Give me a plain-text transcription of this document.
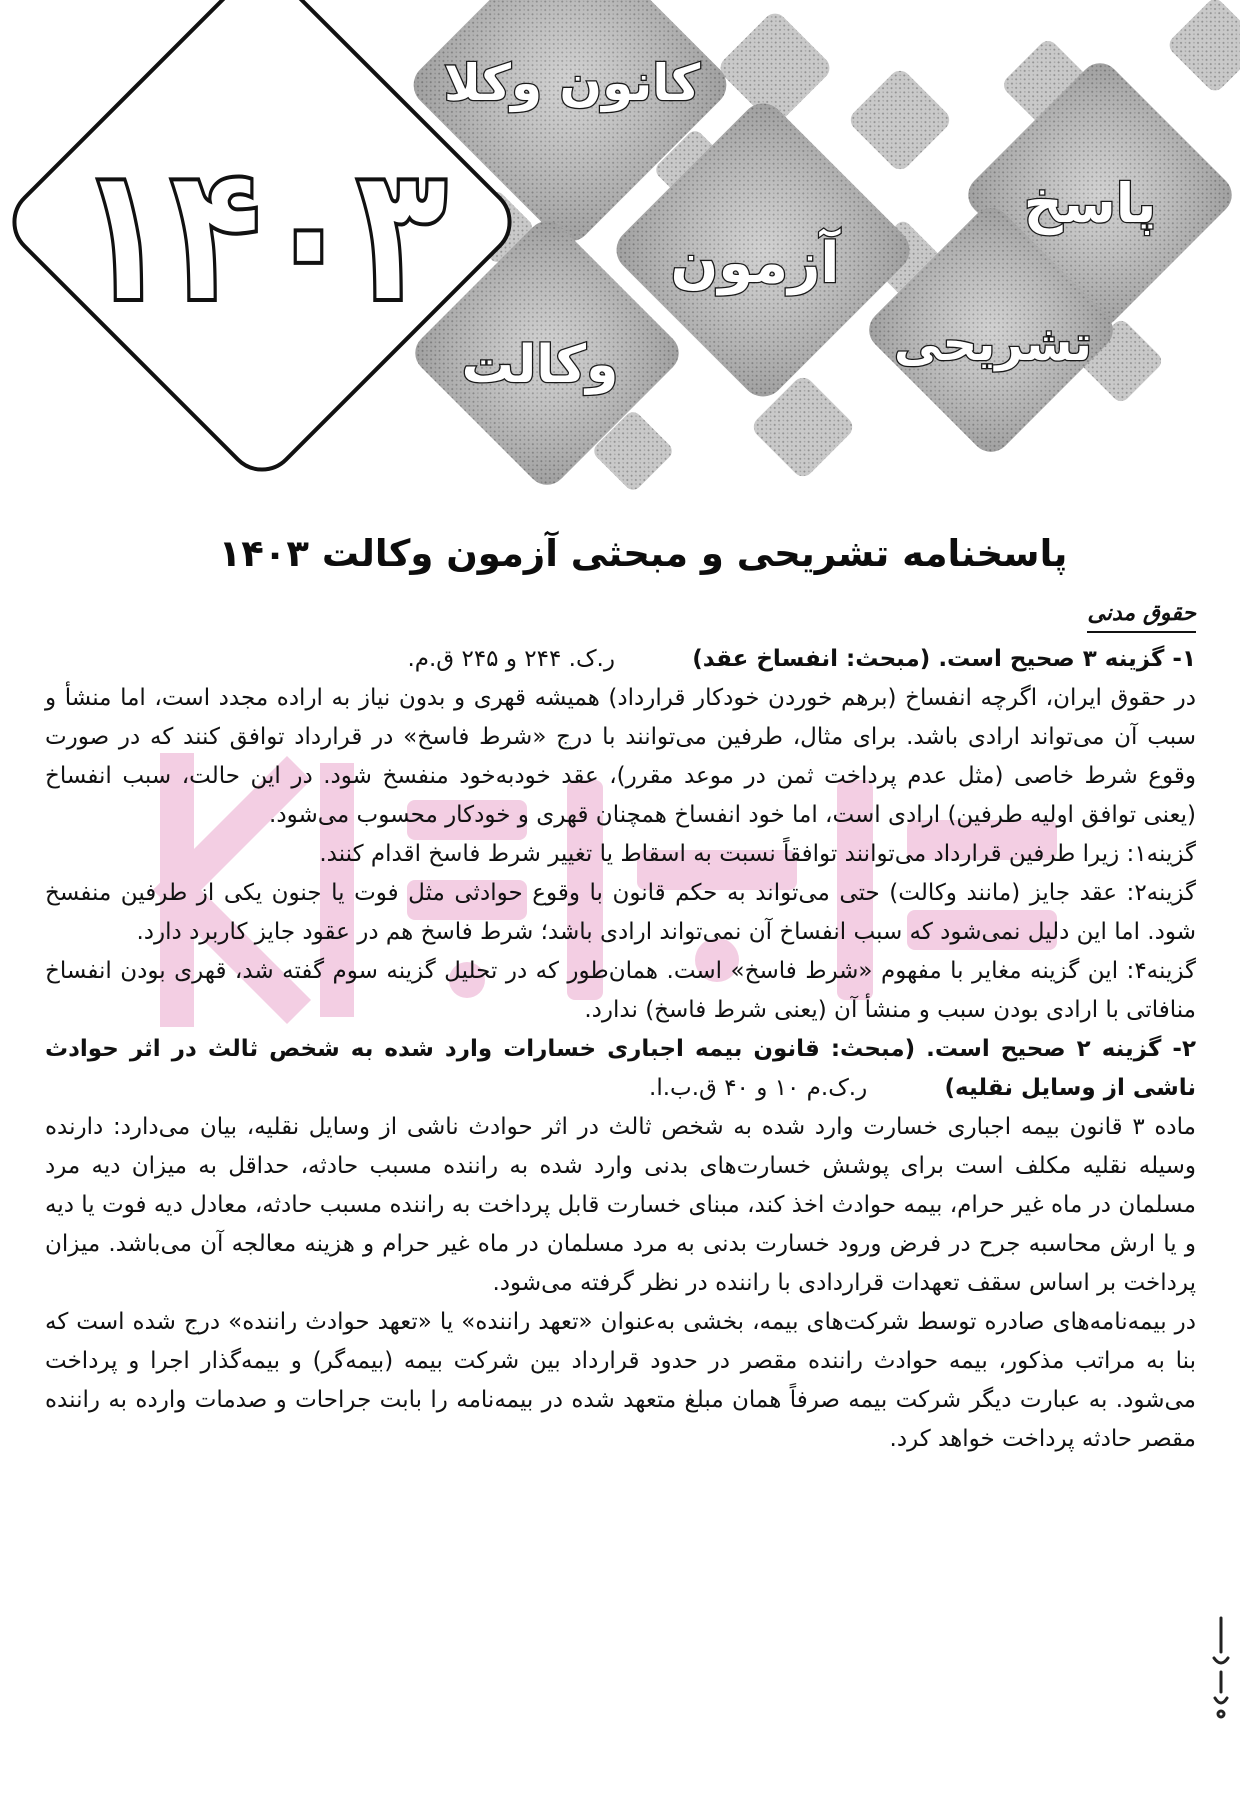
کانون وکلا
پاسخ
آزمون
تشریحی
وکالت
۱۴۰۳
پاسخنامه تشریحی و مبحثی آزمون وکالت ۱۴۰۳
حقوق مدنی

۱- گزینه ۳ صحیح است. (مبحث: انفساخ عقد) ر.ک. ۲۴۴ و ۲۴۵ ق.م.

در حقوق ایران، اگرچه انفساخ (برهم خوردن خودکار قرارداد) همیشه قهری و بدون نیاز به اراده مجدد است، اما منشأ و سبب آن می‌تواند ارادی باشد. برای مثال، طرفین می‌توانند با درج «شرط فاسخ» در قرارداد توافق کنند که در صورت وقوع شرط خاصی (مثل عدم پرداخت ثمن در موعد مقرر)، عقد خودبه‌خود منفسخ شود. در این حالت، سبب انفساخ (یعنی توافق اولیه طرفین) ارادی است، اما خود انفساخ همچنان قهری و خودکار محسوب می‌شود.

گزینه۱: زیرا طرفین قرارداد می‌توانند توافقاً نسبت به اسقاط یا تغییر شرط فاسخ اقدام کنند.

گزینه۲: عقد جایز (مانند وکالت) حتی می‌تواند به حکم قانون با وقوع حوادثی مثل فوت یا جنون یکی از طرفین منفسخ شود. اما این دلیل نمی‌شود که سبب انفساخ آن نمی‌تواند ارادی باشد؛ شرط فاسخ هم در عقود جایز کاربرد دارد.

گزینه۴: این گزینه مغایر با مفهوم «شرط فاسخ» است. همان‌طور که در تحلیل گزینه سوم گفته شد، قهری بودن انفساخ منافاتی با ارادی بودن سبب و منشأ آن (یعنی شرط فاسخ) ندارد.

۲- گزینه ۲ صحیح است. (مبحث: قانون بیمه اجباری خسارات وارد شده به شخص ثالث در اثر حوادث ناشی از وسایل نقلیه) ر.ک.م ۱۰ و ۴۰ ق.ب.ا.

ماده ۳ قانون بیمه اجباری خسارت وارد شده به شخص ثالث در اثر حوادث ناشی از وسایل نقلیه، بیان می‌دارد: دارنده وسیله نقلیه مکلف است برای پوشش خسارت‌های بدنی وارد شده به راننده مسبب حادثه، حداقل به میزان دیه مرد مسلمان در ماه غیر حرام، بیمه حوادث اخذ کند، مبنای خسارت قابل پرداخت به راننده مسبب حادثه، معادل دیه فوت یا دیه و یا ارش محاسبه جرح در فرض ورود خسارت بدنی به مرد مسلمان در ماه غیر حرام و هزینه معالجه آن می‌باشد. میزان پرداخت بر اساس سقف تعهدات قراردادی با راننده در نظر گرفته می‌شود.

در بیمه‌نامه‌های صادره توسط شرکت‌های بیمه، بخشی به‌عنوان «تعهد راننده» یا «تعهد حوادث راننده» درج شده است که بنا به مراتب مذکور، بیمه حوادث راننده مقصر در حدود قرارداد بین شرکت بیمه (بیمه‌گر) و بیمه‌گذار اجرا و پرداخت می‌شود. به عبارت دیگر شرکت بیمه صرفاً همان مبلغ متعهد شده در بیمه‌نامه را بابت جراحات و صدمات وارده به راننده مقصر حادثه پرداخت خواهد کرد.
